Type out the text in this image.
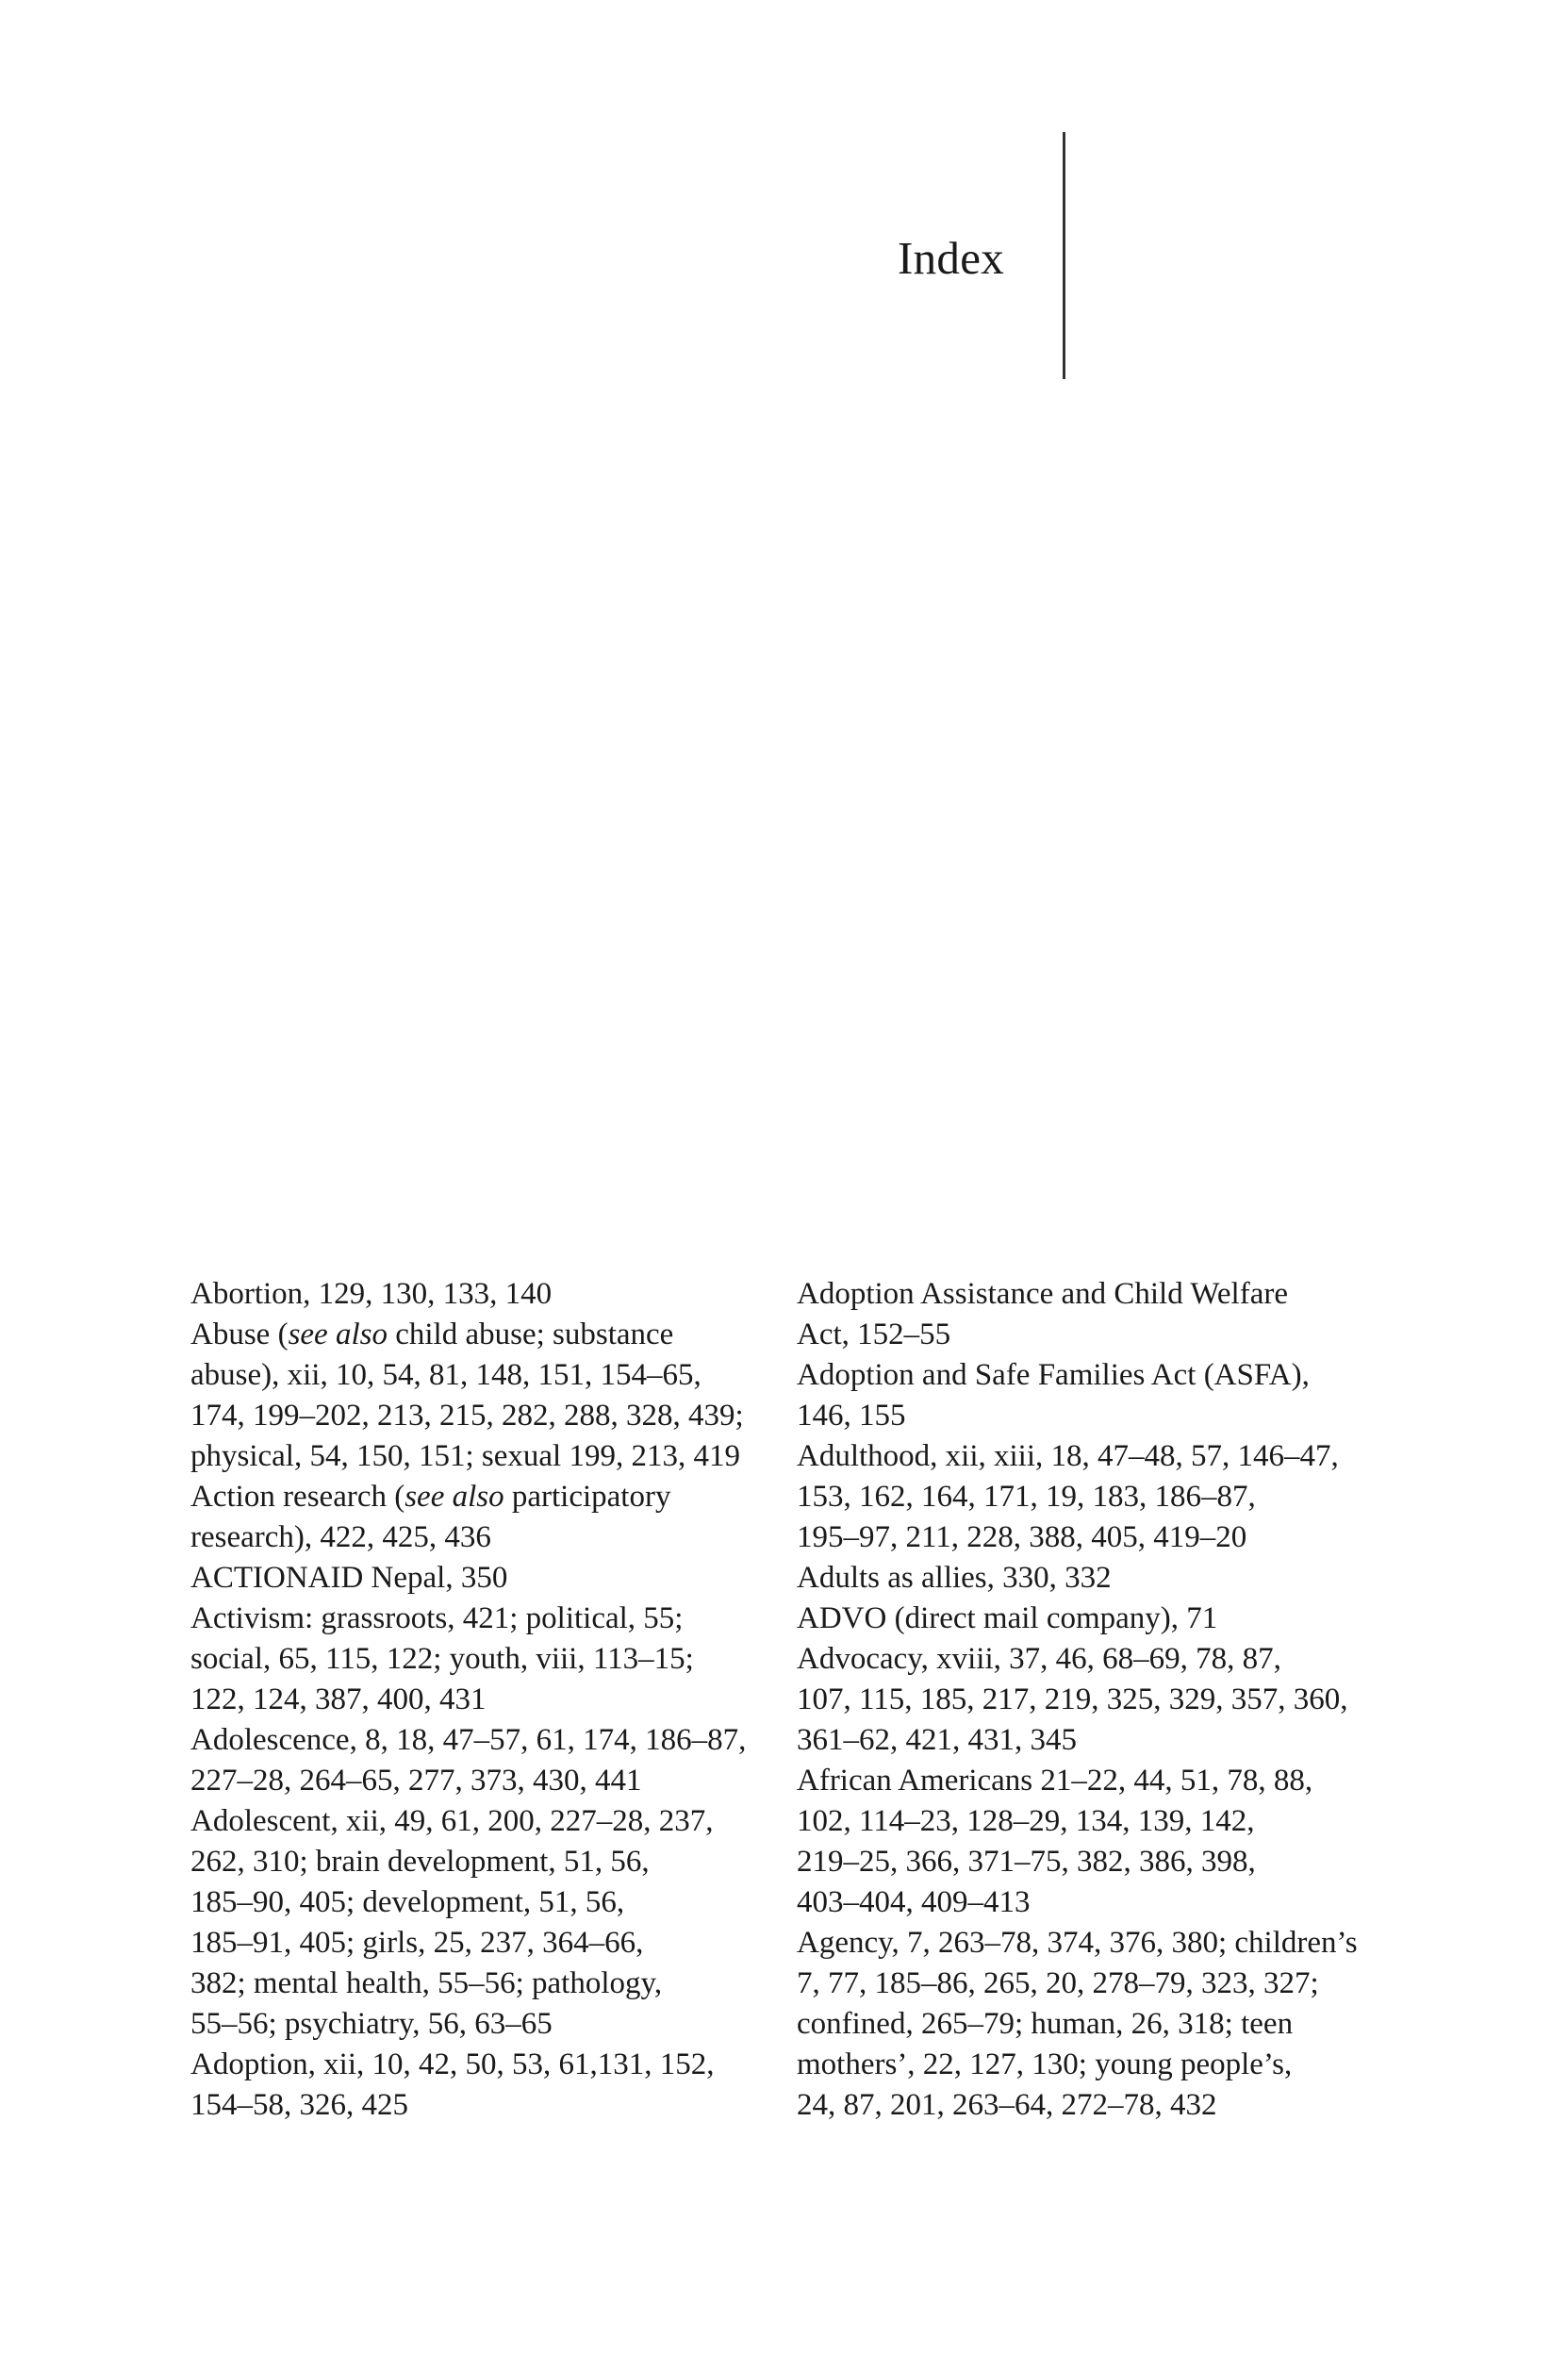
Index
Abortion, 129, 130, 133, 140
Abuse (see also child abuse; substance
abuse), xii, 10, 54, 81, 148, 151, 154–65,
174, 199–202, 213, 215, 282, 288, 328, 439;
physical, 54, 150, 151; sexual 199, 213, 419
Action research (see also participatory
research), 422, 425, 436
ACTIONAID Nepal, 350
Activism: grassroots, 421; political, 55;
social, 65, 115, 122; youth, viii, 113–15;
122, 124, 387, 400, 431
Adolescence, 8, 18, 47–57, 61, 174, 186–87,
227–28, 264–65, 277, 373, 430, 441
Adolescent, xii, 49, 61, 200, 227–28, 237,
262, 310; brain development, 51, 56,
185–90, 405; development, 51, 56,
185–91, 405; girls, 25, 237, 364–66,
382; mental health, 55–56; pathology,
55–56; psychiatry, 56, 63–65
Adoption, xii, 10, 42, 50, 53, 61,131, 152,
154–58, 326, 425
Adoption Assistance and Child Welfare
Act, 152–55
Adoption and Safe Families Act (ASFA),
146, 155
Adulthood, xii, xiii, 18, 47–48, 57, 146–47,
153, 162, 164, 171, 19, 183, 186–87,
195–97, 211, 228, 388, 405, 419–20
Adults as allies, 330, 332
ADVO (direct mail company), 71
Advocacy, xviii, 37, 46, 68–69, 78, 87,
107, 115, 185, 217, 219, 325, 329, 357, 360,
361–62, 421, 431, 345
African Americans 21–22, 44, 51, 78, 88,
102, 114–23, 128–29, 134, 139, 142,
219–25, 366, 371–75, 382, 386, 398,
403–404, 409–413
Agency, 7, 263–78, 374, 376, 380; children’s
7, 77, 185–86, 265, 20, 278–79, 323, 327;
confined, 265–79; human, 26, 318; teen
mothers’, 22, 127, 130; young people’s,
24, 87, 201, 263–64, 272–78, 432
